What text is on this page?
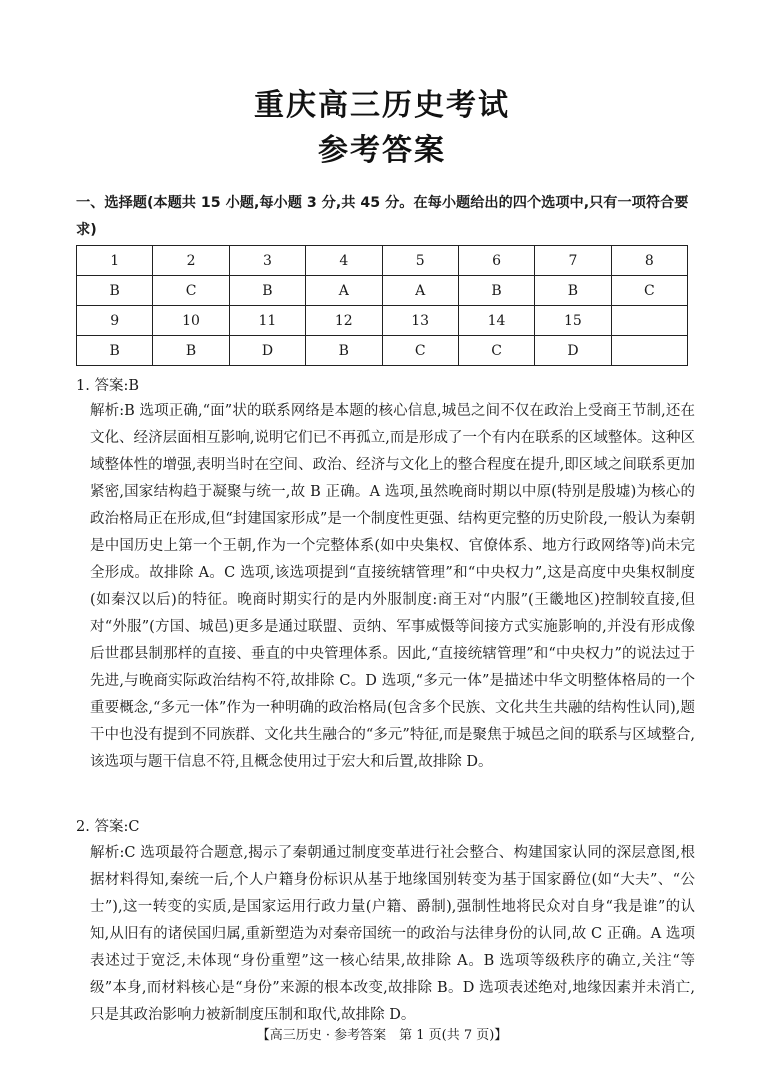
重庆高三历史考试
参考答案
一、选择题(本题共 15 小题,每小题 3 分,共 45 分。在每小题给出的四个选项中,只有一项符合要求)
1	2	3	4	5	6	7	8
B	C	B	A	A	B	B	C
9	10	11	12	13	14	15	
B	B	D	B	C	C	D	
1. 答案:B
解析:B 选项正确,“面”状的联系网络是本题的核心信息,城邑之间不仅在政治上受商王节制,还在文化、经济层面相互影响,说明它们已不再孤立,而是形成了一个有内在联系的区域整体。这种区域整体性的增强,表明当时在空间、政治、经济与文化上的整合程度在提升,即区域之间联系更加紧密,国家结构趋于凝聚与统一,故 B 正确。A 选项,虽然晚商时期以中原(特别是殷墟)为核心的政治格局正在形成,但“封建国家形成”是一个制度性更强、结构更完整的历史阶段,一般认为秦朝是中国历史上第一个王朝,作为一个完整体系(如中央集权、官僚体系、地方行政网络等)尚未完全形成。故排除 A。C 选项,该选项提到“直接统辖管理”和“中央权力”,这是高度中央集权制度(如秦汉以后)的特征。晚商时期实行的是内外服制度:商王对“内服”(王畿地区)控制较直接,但对“外服”(方国、城邑)更多是通过联盟、贡纳、军事威慑等间接方式实施影响的,并没有形成像后世郡县制那样的直接、垂直的中央管理体系。因此,“直接统辖管理”和“中央权力”的说法过于先进,与晚商实际政治结构不符,故排除 C。D 选项,“多元一体”是描述中华文明整体格局的一个重要概念,“多元一体”作为一种明确的政治格局(包含多个民族、文化共生共融的结构性认同),题干中也没有提到不同族群、文化共生融合的“多元”特征,而是聚焦于城邑之间的联系与区域整合,该选项与题干信息不符,且概念使用过于宏大和后置,故排除 D。
2. 答案:C
解析:C 选项最符合题意,揭示了秦朝通过制度变革进行社会整合、构建国家认同的深层意图,根据材料得知,秦统一后,个人户籍身份标识从基于地缘国别转变为基于国家爵位(如“大夫”、“公士”),这一转变的实质,是国家运用行政力量(户籍、爵制),强制性地将民众对自身“我是谁”的认知,从旧有的诸侯国归属,重新塑造为对秦帝国统一的政治与法律身份的认同,故 C 正确。A 选项表述过于宽泛,未体现“身份重塑”这一核心结果,故排除 A。B 选项等级秩序的确立,关注“等级”本身,而材料核心是“身份”来源的根本改变,故排除 B。D 选项表述绝对,地缘因素并未消亡,只是其政治影响力被新制度压制和取代,故排除 D。
【高三历史 · 参考答案　第 1 页(共 7 页)】
